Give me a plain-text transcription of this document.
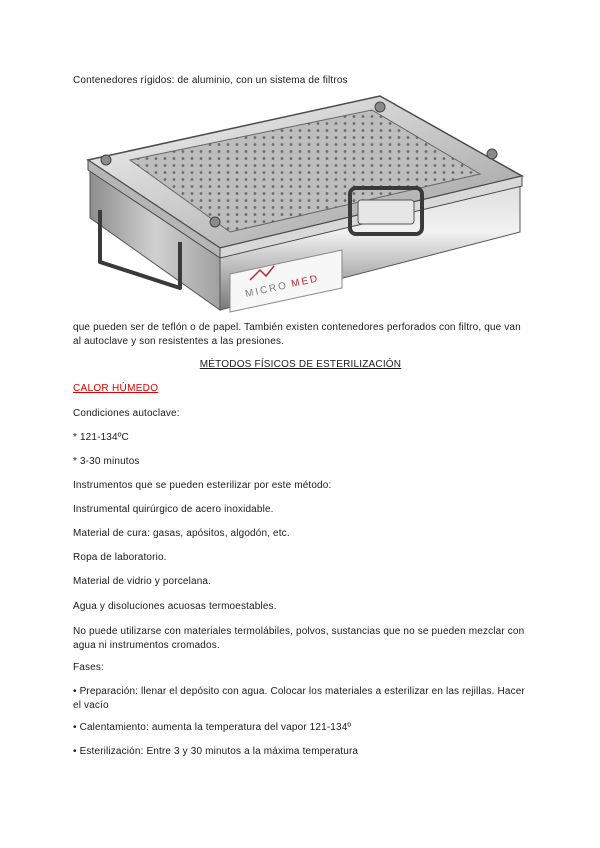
Contenedores rígidos: de aluminio, con un sistema de filtros

MICRO MED

que pueden ser de teflón o de papel. También existen contenedores perforados con filtro, que van al autoclave y son resistentes a las presiones.

MÉTODOS FÍSICOS DE ESTERILIZACIÓN

CALOR HÚMEDO

Condiciones autoclave:

* 121-134ºC

* 3-30 minutos

Instrumentos que se pueden esterilizar por este método:

Instrumental quirúrgico de acero inoxidable.

Material de cura: gasas, apósitos, algodón, etc.

Ropa de laboratorio.

Material de vidrio y porcelana.

Agua y disoluciones acuosas termoestables.

No puede utilizarse con materiales termolábiles, polvos, sustancias que no se pueden mezclar con agua ni instrumentos cromados.

Fases:

• Preparación: llenar el depósito con agua. Colocar los materiales a esterilizar en las rejillas. Hacer el vacío

• Calentamiento: aumenta la temperatura del vapor 121-134º

• Esterilización: Entre 3 y 30 minutos a la máxima temperatura
